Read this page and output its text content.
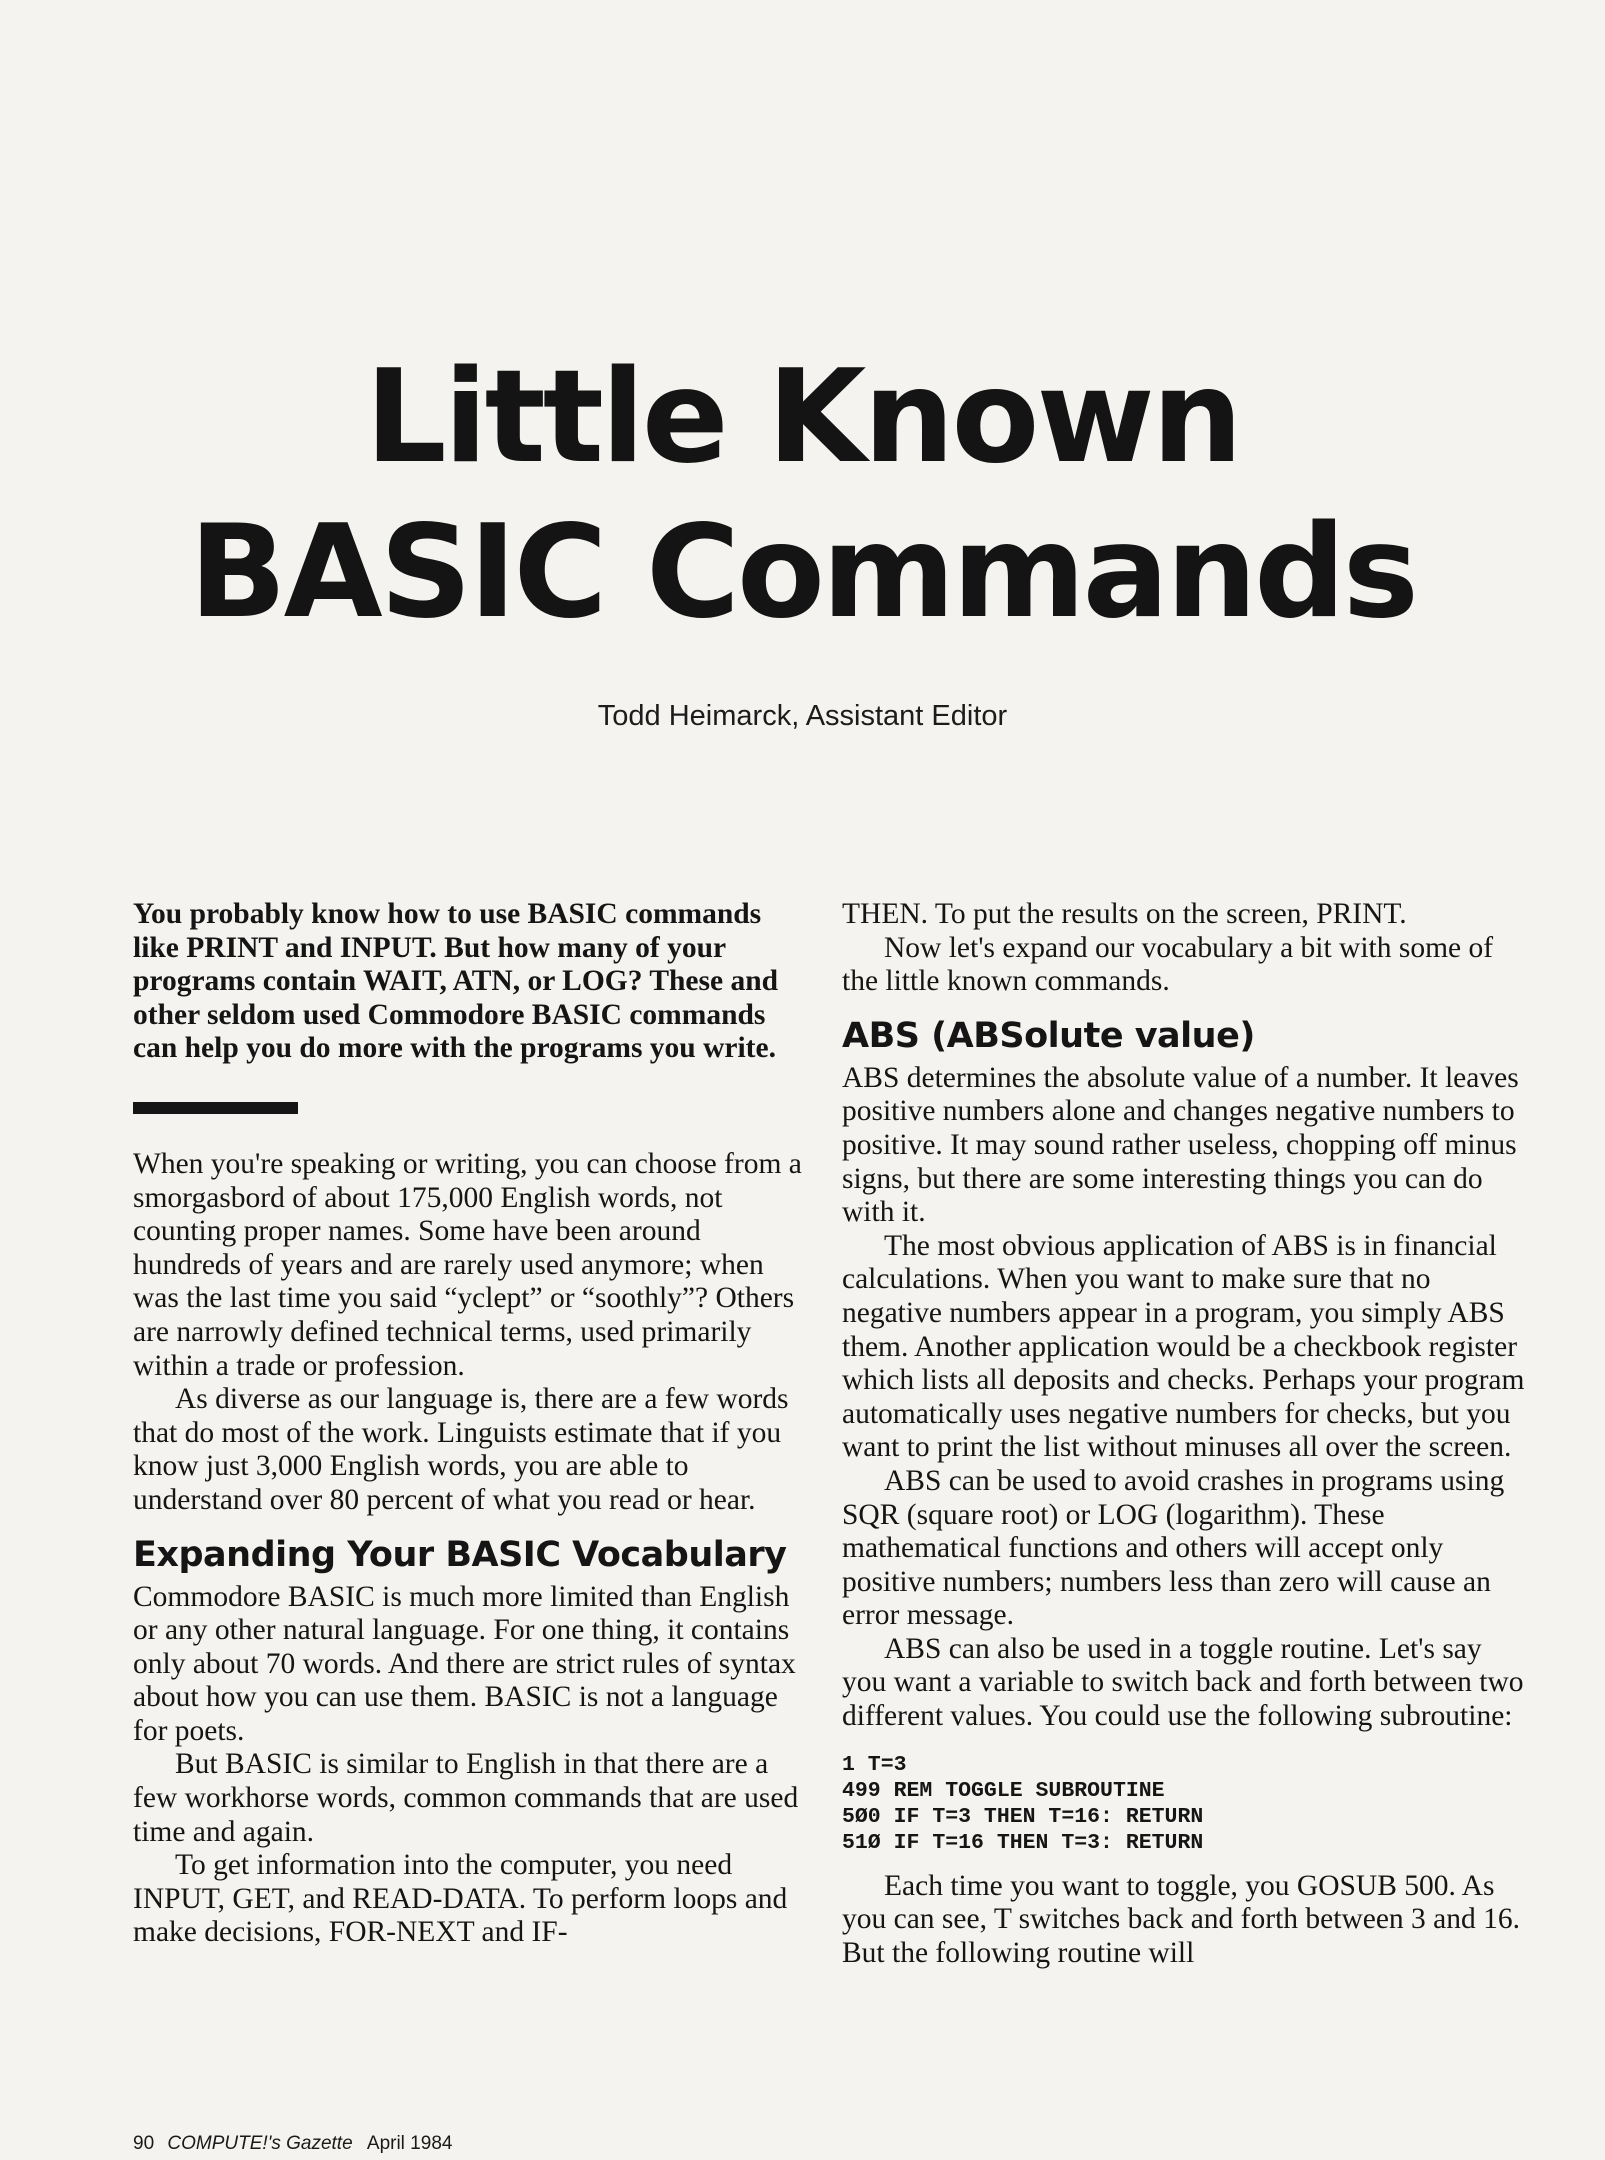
Little Known
BASIC Commands
Todd Heimarck, Assistant Editor

You probably know how to use BASIC commands like PRINT and INPUT. But how many of your programs contain WAIT, ATN, or LOG? These and other seldom used Commodore BASIC commands can help you do more with the programs you write.

When you're speaking or writing, you can choose from a smorgasbord of about 175,000 English words, not counting proper names. Some have been around hundreds of years and are rarely used anymore; when was the last time you said “yclept” or “soothly”? Others are narrowly defined technical terms, used primarily within a trade or profession.

As diverse as our language is, there are a few words that do most of the work. Linguists estimate that if you know just 3,000 English words, you are able to understand over 80 percent of what you read or hear.

Expanding Your BASIC Vocabulary

Commodore BASIC is much more limited than English or any other natural language. For one thing, it contains only about 70 words. And there are strict rules of syntax about how you can use them. BASIC is not a language for poets.

But BASIC is similar to English in that there are a few workhorse words, common commands that are used time and again.

To get information into the computer, you need INPUT, GET, and READ-DATA. To perform loops and make decisions, FOR-NEXT and IF-

THEN. To put the results on the screen, PRINT.

Now let's expand our vocabulary a bit with some of the little known commands.

ABS (ABSolute value)

ABS determines the absolute value of a number. It leaves positive numbers alone and changes negative numbers to positive. It may sound rather useless, chopping off minus signs, but there are some interesting things you can do with it.

The most obvious application of ABS is in financial calculations. When you want to make sure that no negative numbers appear in a program, you simply ABS them. Another application would be a checkbook register which lists all deposits and checks. Perhaps your program automatically uses negative numbers for checks, but you want to print the list without minuses all over the screen.

ABS can be used to avoid crashes in programs using SQR (square root) or LOG (logarithm). These mathematical functions and others will accept only positive numbers; numbers less than zero will cause an error message.

ABS can also be used in a toggle routine. Let's say you want a variable to switch back and forth between two different values. You could use the following subroutine:

1 T=3
499 REM TOGGLE SUBROUTINE
5Ø0 IF T=3 THEN T=16: RETURN
51Ø IF T=16 THEN T=3: RETURN

Each time you want to toggle, you GOSUB 500. As you can see, T switches back and forth between 3 and 16. But the following routine will

90 COMPUTE!'s Gazette April 1984
